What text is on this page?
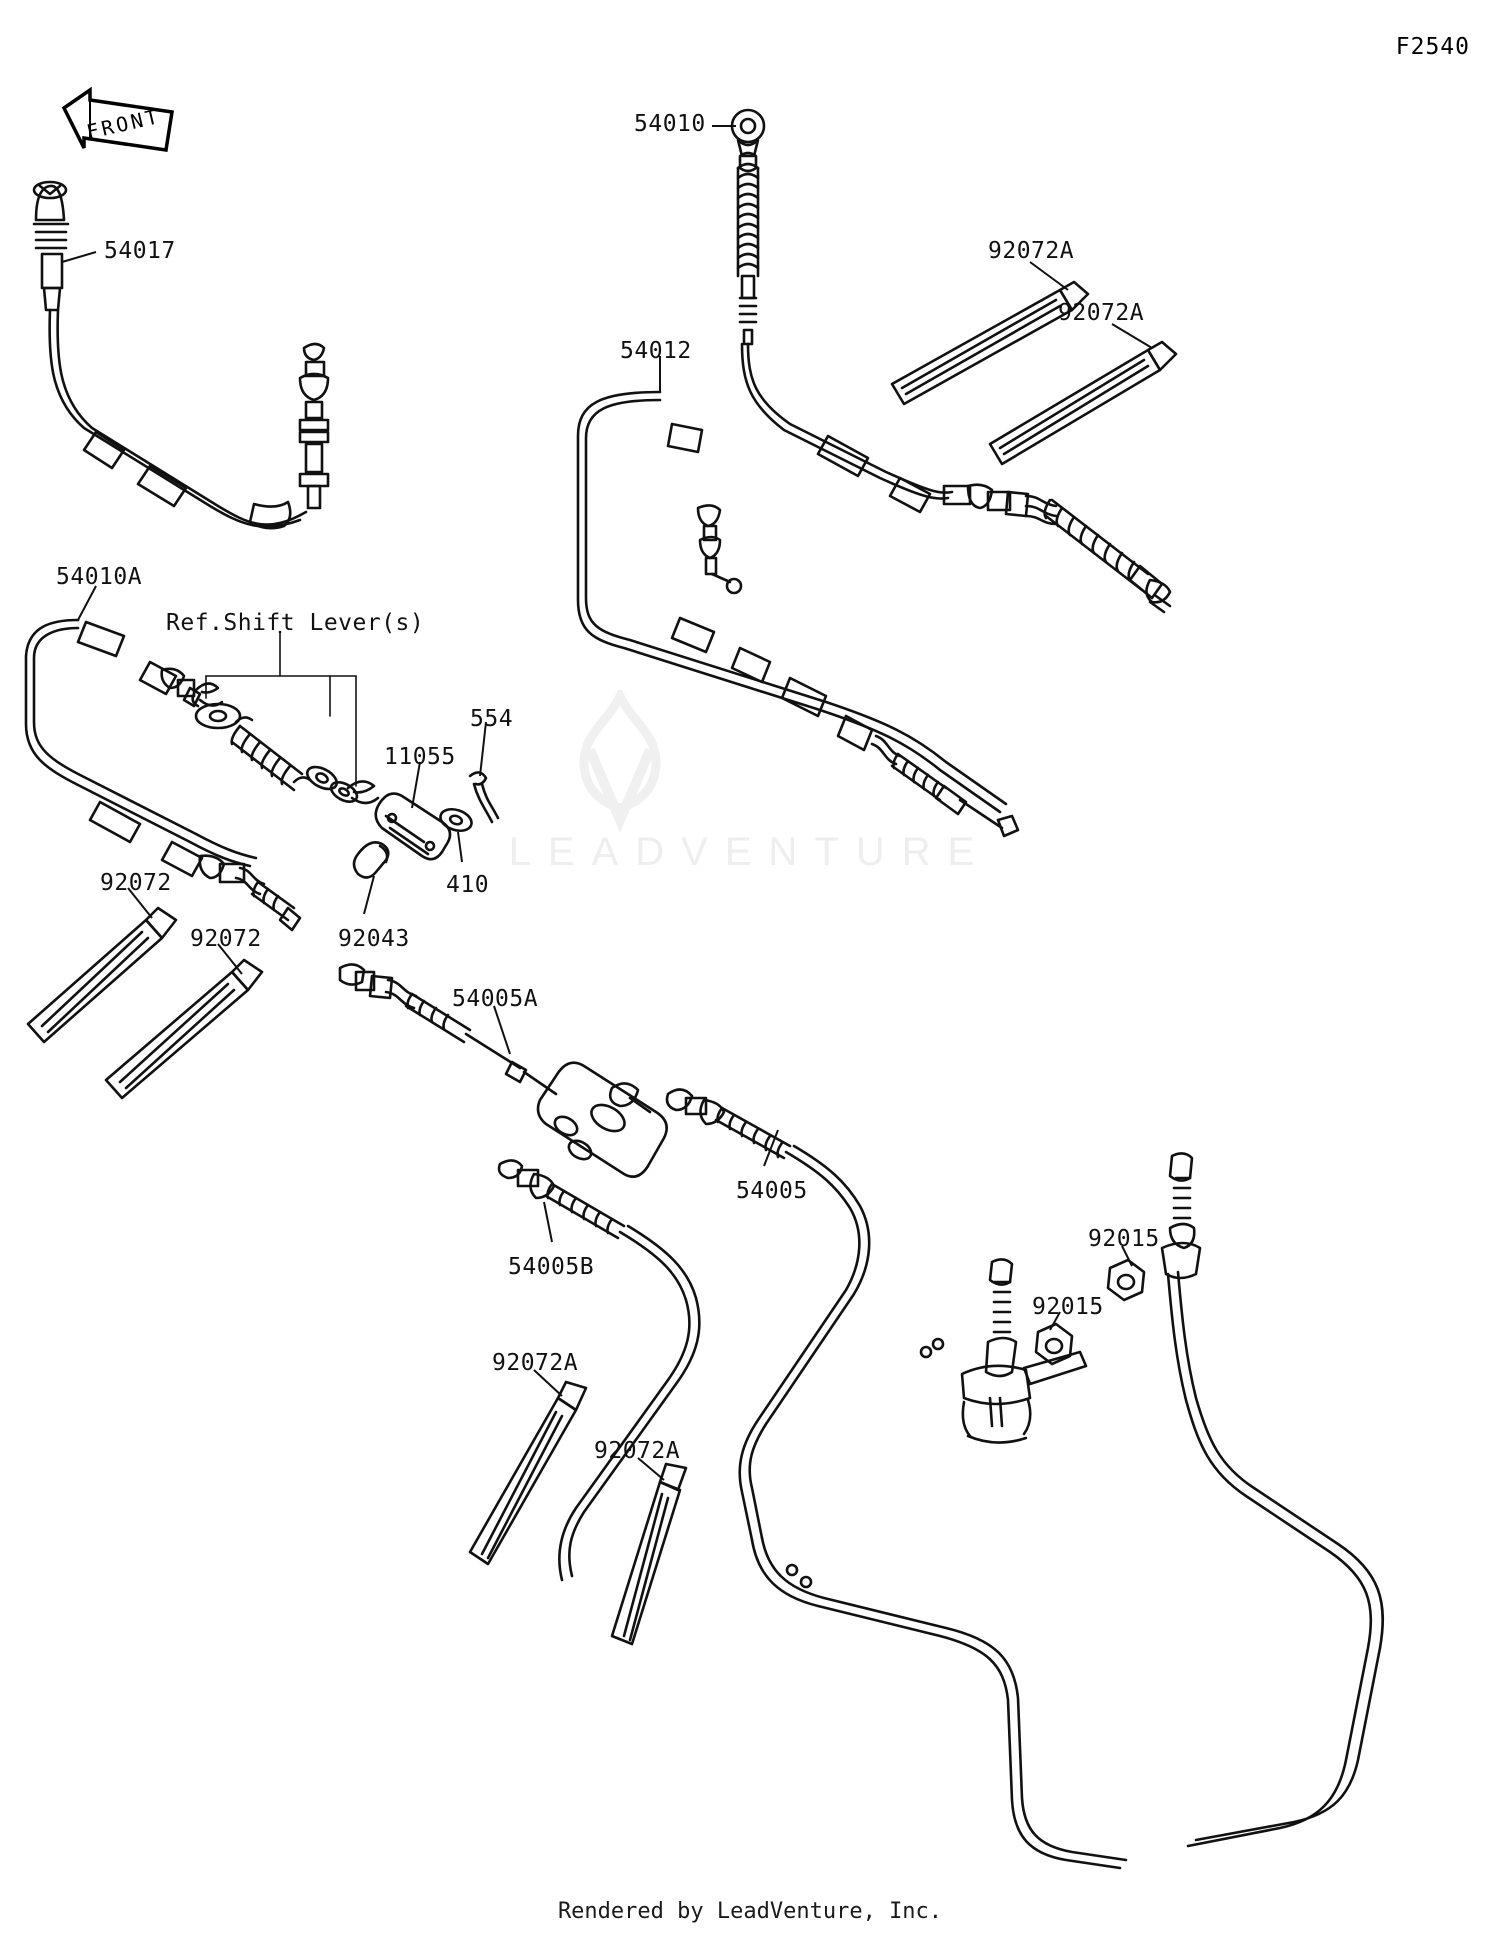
F2540
LEADVENTURE
FRONT
54017
54010
92072A
92072A
54012
54010A
Ref.Shift Lever(s)
554
11055
410
92043
92072
92072
54005A
54005
54005B
92015
92015
92072A
92072A
Rendered by LeadVenture, Inc.
